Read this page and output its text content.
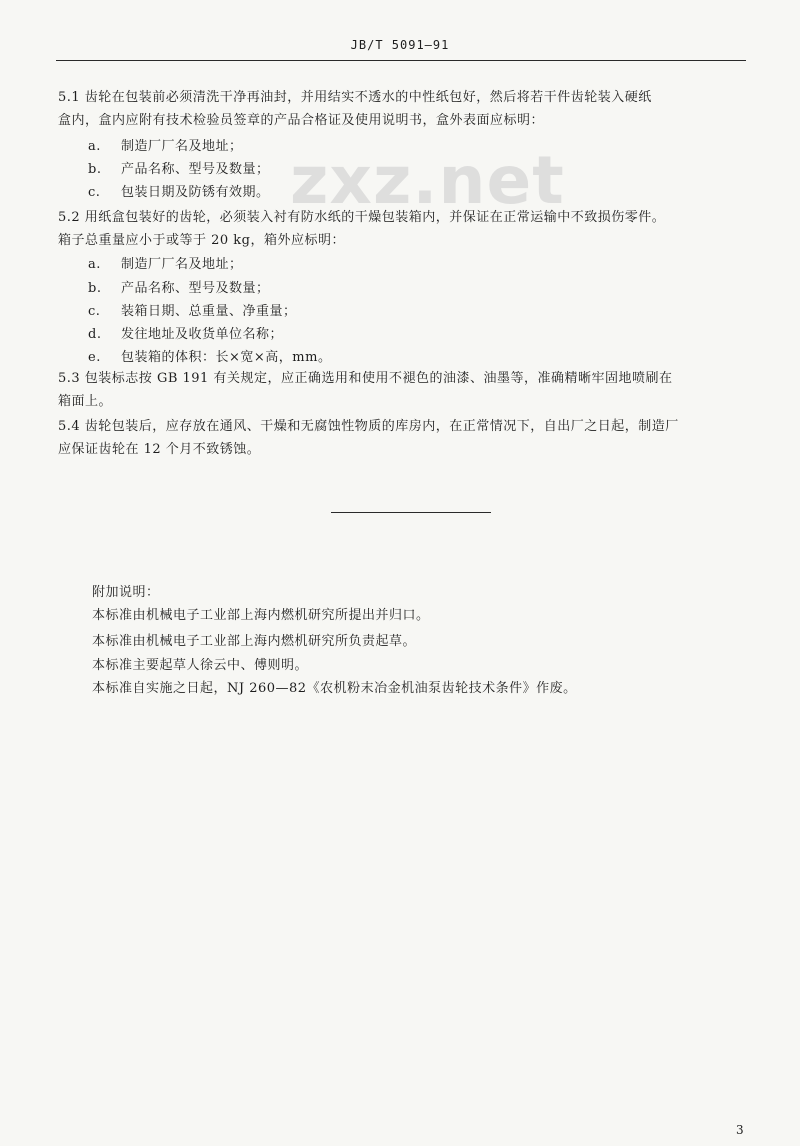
JB/T 5091—91
zxz.net
5.1 齿轮在包装前必须清洗干净再油封，并用结实不透水的中性纸包好，然后将若干件齿轮装入硬纸
盒内，盒内应附有技术检验员签章的产品合格证及使用说明书，盒外表面应标明：
a. 制造厂厂名及地址；
b. 产品名称、型号及数量；
c. 包装日期及防锈有效期。
5.2 用纸盒包装好的齿轮，必须装入衬有防水纸的干燥包装箱内，并保证在正常运输中不致损伤零件。
箱子总重量应小于或等于 20 kg，箱外应标明：
a. 制造厂厂名及地址；
b. 产品名称、型号及数量；
c. 装箱日期、总重量、净重量；
d. 发往地址及收货单位名称；
e. 包装箱的体积：长×宽×高，mm。
5.3 包装标志按 GB 191 有关规定，应正确选用和使用不褪色的油漆、油墨等，准确精晰牢固地喷刷在
箱面上。
5.4 齿轮包装后，应存放在通风、干燥和无腐蚀性物质的库房内，在正常情况下，自出厂之日起，制造厂
应保证齿轮在 12 个月不致锈蚀。
附加说明：
本标准由机械电子工业部上海内燃机研究所提出并归口。
本标准由机械电子工业部上海内燃机研究所负责起草。
本标准主要起草人徐云中、傅则明。
本标准自实施之日起，NJ 260—82《农机粉末冶金机油泵齿轮技术条件》作废。
3
